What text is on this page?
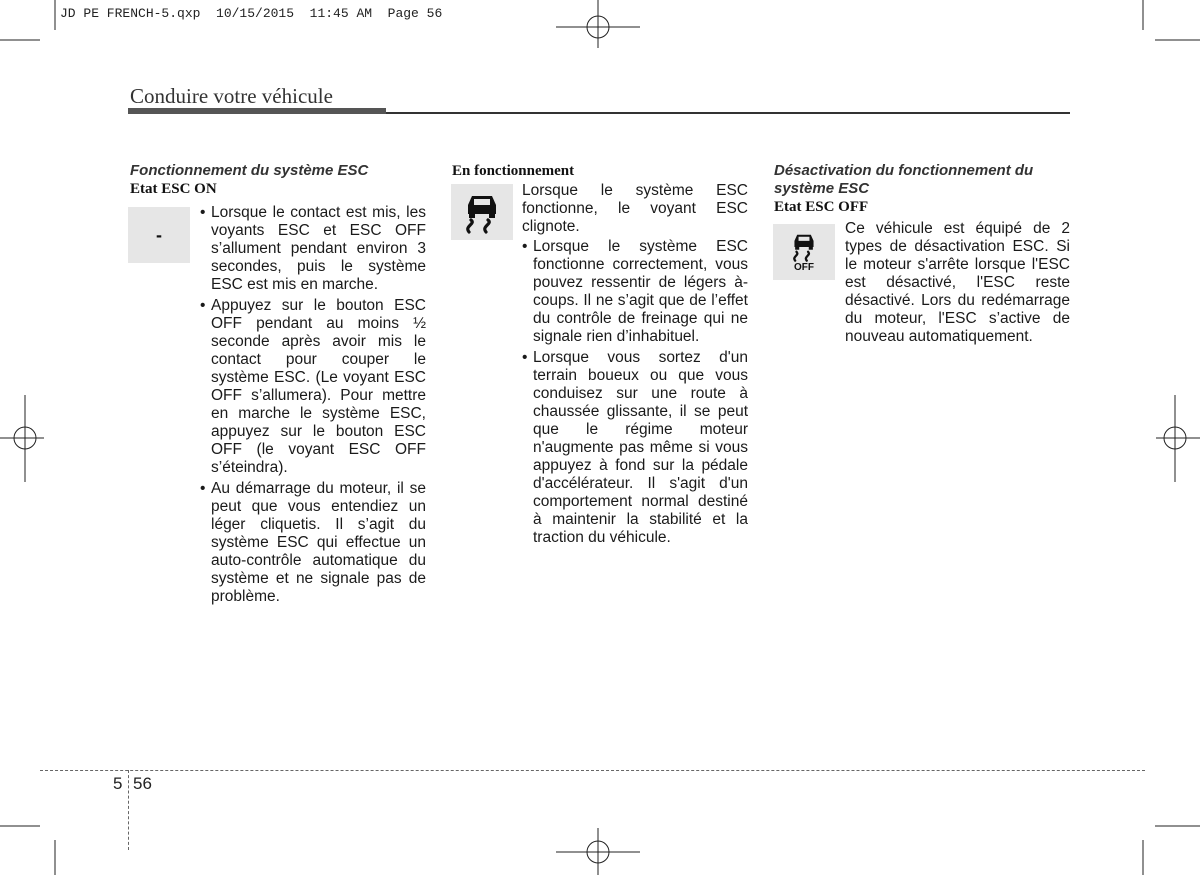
JD PE FRENCH-5.qxp  10/15/2015  11:45 AM  Page 56
Conduire votre véhicule
Fonctionnement du système ESC
Etat ESC ON
-
• Lorsque le contact est mis, les voyants ESC et ESC OFF s’allument pendant environ 3 secondes, puis le système ESC est mis en marche.
• Appuyez sur le bouton ESC OFF pendant au moins ½ seconde après avoir mis le contact pour couper le système ESC. (Le voyant ESC OFF s’allumera). Pour mettre en marche le système ESC, appuyez sur le bouton ESC OFF (le voyant ESC OFF s’éteindra).
• Au démarrage du moteur, il se peut que vous entendiez un léger cliquetis. Il s’agit du système ESC qui effectue un auto-contrôle automatique du système et ne signale pas de problème.
En fonctionnement
Lorsque le système ESC fonctionne, le voyant ESC clignote.
• Lorsque le système ESC fonctionne correctement, vous pouvez ressentir de légers à-coups. Il ne s’agit que de l’effet du contrôle de freinage qui ne signale rien d’inhabituel.
• Lorsque vous sortez d'un terrain boueux ou que vous conduisez sur une route à chaussée glissante, il se peut que le régime moteur n'augmente pas même si vous appuyez à fond sur la pédale d'accélérateur. Il s'agit d'un comportement normal destiné à maintenir la stabilité et la traction du véhicule.
Désactivation du fonctionnement du système ESC
Etat ESC OFF
OFF
Ce véhicule est équipé de 2 types de désactivation ESC. Si le moteur s'arrête lorsque l'ESC est désactivé, l'ESC reste désactivé. Lors du redémarrage du moteur, l'ESC s’active de nouveau automatiquement.
5 56
